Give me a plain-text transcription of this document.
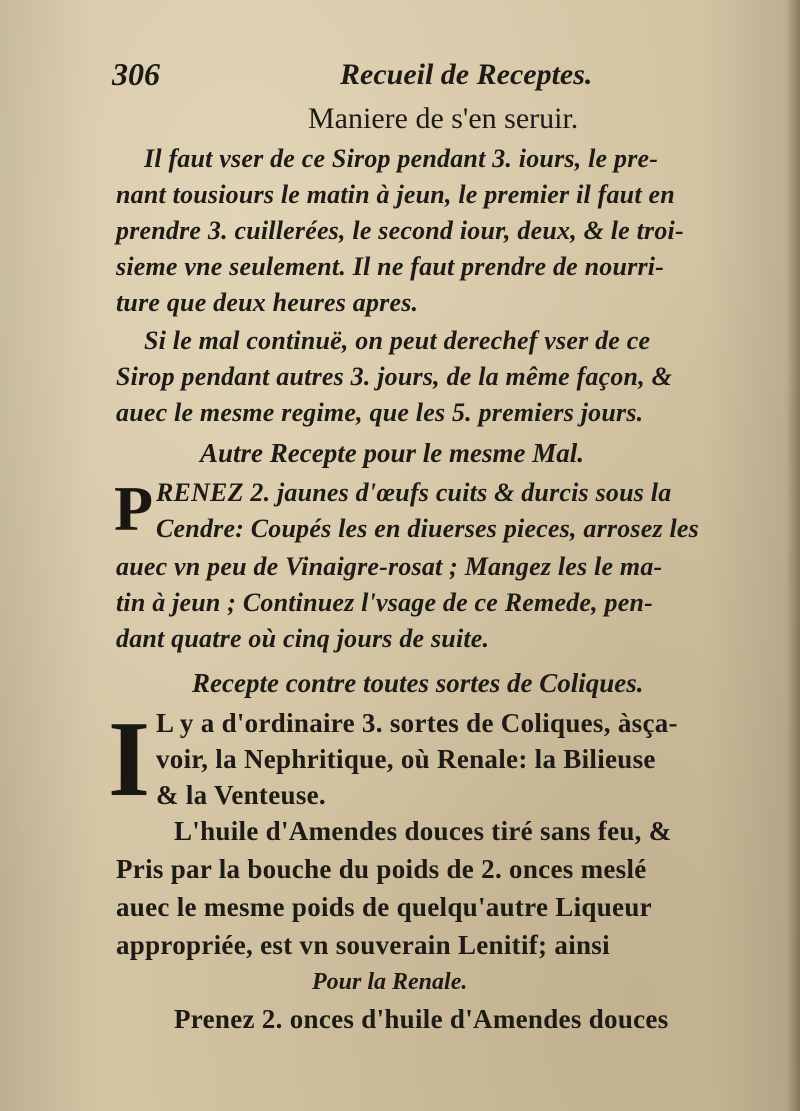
306	Recueil de Receptes.
Maniere de s'en seruir.
Il faut vser de ce Sirop pendant 3. iours, le pre-
nant tousiours le matin à jeun, le premier il faut en
prendre 3. cuillerées, le second iour, deux, & le troi-
sieme vne seulement. Il ne faut prendre de nourri-
ture que deux heures apres.
Si le mal continuë, on peut derechef vser de ce
Sirop pendant autres 3. jours, de la même façon, &
auec le mesme regime, que les 5. premiers jours.
Autre Recepte pour le mesme Mal.
P RENEZ 2. jaunes d'œufs cuits & durcis sous la
Cendre: Coupés les en diuerses pieces, arrosez les
auec vn peu de Vinaigre-rosat ; Mangez les le ma-
tin à jeun ; Continuez l'vsage de ce Remede, pen-
dant quatre où cinq jours de suite.
Recepte contre toutes sortes de Coliques.
I L y a d'ordinaire 3. sortes de Coliques, àsça-
voir, la Nephritique, où Renale: la Bilieuse
& la Venteuse.
L'huile d'Amendes douces tiré sans feu, &
Pris par la bouche du poids de 2. onces meslé
auec le mesme poids de quelqu'autre Liqueur
appropriée, est vn souverain Lenitif; ainsi
Pour la Renale.
Prenez 2. onces d'huile d'Amendes douces
